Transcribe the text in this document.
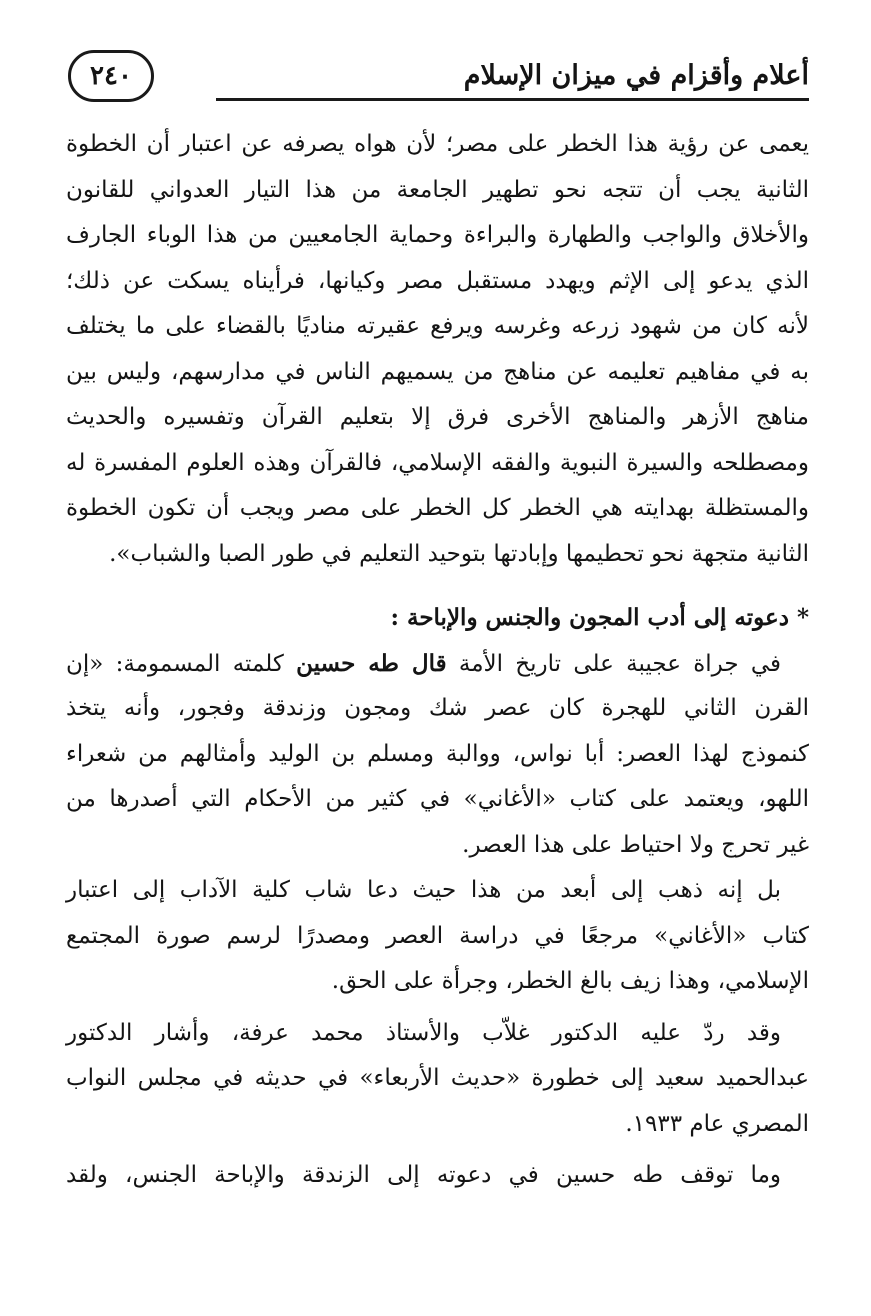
أعلام وأقزام في ميزان الإسلام
٢٤٠
يعمى عن رؤية هذا الخطر على مصر؛ لأن هواه يصرفه عن اعتبار أن الخطوة
الثانية يجب أن تتجه نحو تطهير الجامعة من هذا التيار العدواني للقانون
والأخلاق والواجب والطهارة والبراءة وحماية الجامعيين من هذا الوباء الجارف
الذي يدعو إلى الإثم ويهدد مستقبل مصر وكيانها، فرأيناه يسكت عن ذلك؛
لأنه كان من شهود زرعه وغرسه ويرفع عقيرته مناديًا بالقضاء على ما يختلف
به في مفاهيم تعليمه عن مناهج من يسميهم الناس في مدارسهم، وليس بين
مناهج الأزهر والمناهج الأخرى فرق إلا بتعليم القرآن وتفسيره والحديث
ومصطلحه والسيرة النبوية والفقه الإسلامي، فالقرآن وهذه العلوم المفسرة له
والمستظلة بهدايته هي الخطر كل الخطر على مصر ويجب أن تكون الخطوة
الثانية متجهة نحو تحطيمها وإبادتها بتوحيد التعليم في طور الصبا والشباب».
* دعوته إلى أدب المجون والجنس والإباحة :
في جراة عجيبة على تاريخ الأمة قال طه حسين كلمته المسمومة: «إن
القرن الثاني للهجرة كان عصر شك ومجون وزندقة وفجور، وأنه يتخذ
كنموذج لهذا العصر: أبا نواس، ووالبة ومسلم بن الوليد وأمثالهم من شعراء
اللهو، ويعتمد على كتاب «الأغاني» في كثير من الأحكام التي أصدرها من
غير تحرج ولا احتياط على هذا العصر.
بل إنه ذهب إلى أبعد من هذا حيث دعا شاب كلية الآداب إلى اعتبار
كتاب «الأغاني» مرجعًا في دراسة العصر ومصدرًا لرسم صورة المجتمع
الإسلامي، وهذا زيف بالغ الخطر، وجرأة على الحق.
وقد ردّ عليه الدكتور غلاّب والأستاذ محمد عرفة، وأشار الدكتور
عبدالحميد سعيد إلى خطورة «حديث الأربعاء» في حديثه في مجلس النواب
المصري عام ١٩٣٣.
وما توقف طه حسين في دعوته إلى الزندقة والإباحة الجنس، ولقد
